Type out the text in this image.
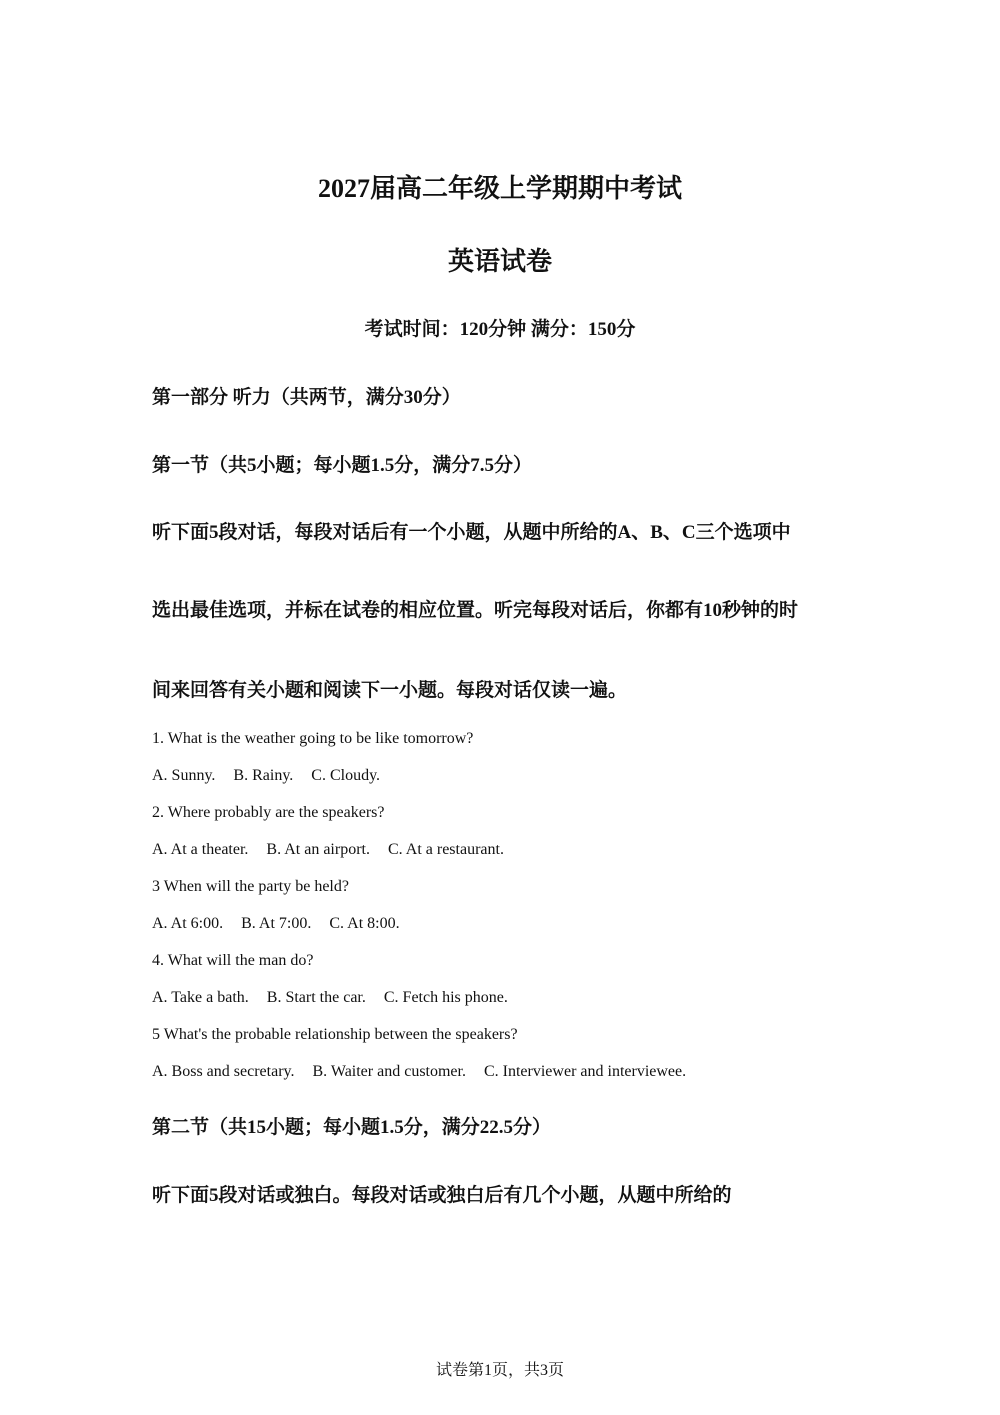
2027届高二年级上学期期中考试
英语试卷
考试时间：120分钟 满分：150分
第一部分 听力（共两节，满分30分）
第一节（共5小题；每小题1.5分，满分7.5分）
听下面5段对话，每段对话后有一个小题，从题中所给的A、B、C三个选项中
选出最佳选项，并标在试卷的相应位置。听完每段对话后，你都有10秒钟的时
间来回答有关小题和阅读下一小题。每段对话仅读一遍。
1. What is the weather going to be like tomorrow?
A. Sunny. B. Rainy. C. Cloudy.
2. Where probably are the speakers?
A. At a theater. B. At an airport. C. At a restaurant.
3 When will the party be held?
A. At 6:00. B. At 7:00. C. At 8:00.
4. What will the man do?
A. Take a bath. B. Start the car. C. Fetch his phone.
5 What's the probable relationship between the speakers?
A. Boss and secretary. B. Waiter and customer. C. Interviewer and interviewee.
第二节（共15小题；每小题1.5分，满分22.5分）
听下面5段对话或独白。每段对话或独白后有几个小题，从题中所给的
试卷第1页，共3页
